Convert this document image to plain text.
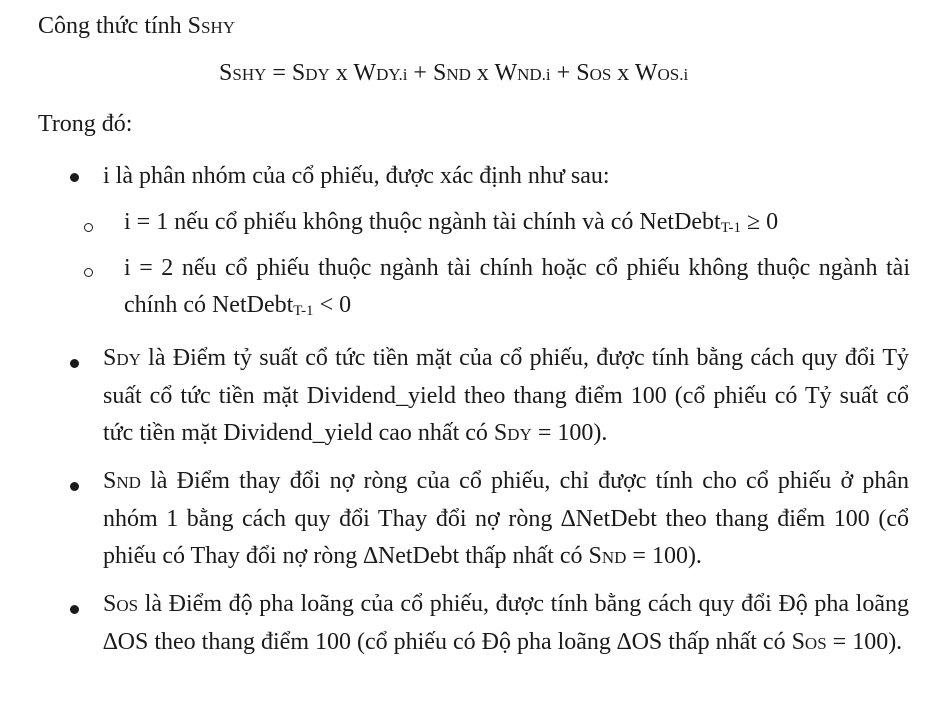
Công thức tính SSHY
SSHY = SDY x WDY.i + SND x WND.i + SOS x WOS.i
Trong đó:
i là phân nhóm của cổ phiếu, được xác định như sau:
i = 1 nếu cổ phiếu không thuộc ngành tài chính và có NetDebtT-1 ≥ 0
i = 2 nếu cổ phiếu thuộc ngành tài chính hoặc cổ phiếu không thuộc ngành tài chính có NetDebtT-1 < 0
SDY là Điểm tỷ suất cổ tức tiền mặt của cổ phiếu, được tính bằng cách quy đổi Tỷ suất cổ tức tiền mặt Dividend_yield theo thang điểm 100 (cổ phiếu có Tỷ suất cổ tức tiền mặt Dividend_yield cao nhất có SDY = 100).
SND là Điểm thay đổi nợ ròng của cổ phiếu, chỉ được tính cho cổ phiếu ở phân nhóm 1 bằng cách quy đổi Thay đổi nợ ròng ∆NetDebt theo thang điểm 100 (cổ phiếu có Thay đổi nợ ròng ∆NetDebt thấp nhất có SND = 100).
SOS là Điểm độ pha loãng của cổ phiếu, được tính bằng cách quy đổi Độ pha loãng ∆OS theo thang điểm 100 (cổ phiếu có Độ pha loãng ∆OS thấp nhất có SOS = 100).
